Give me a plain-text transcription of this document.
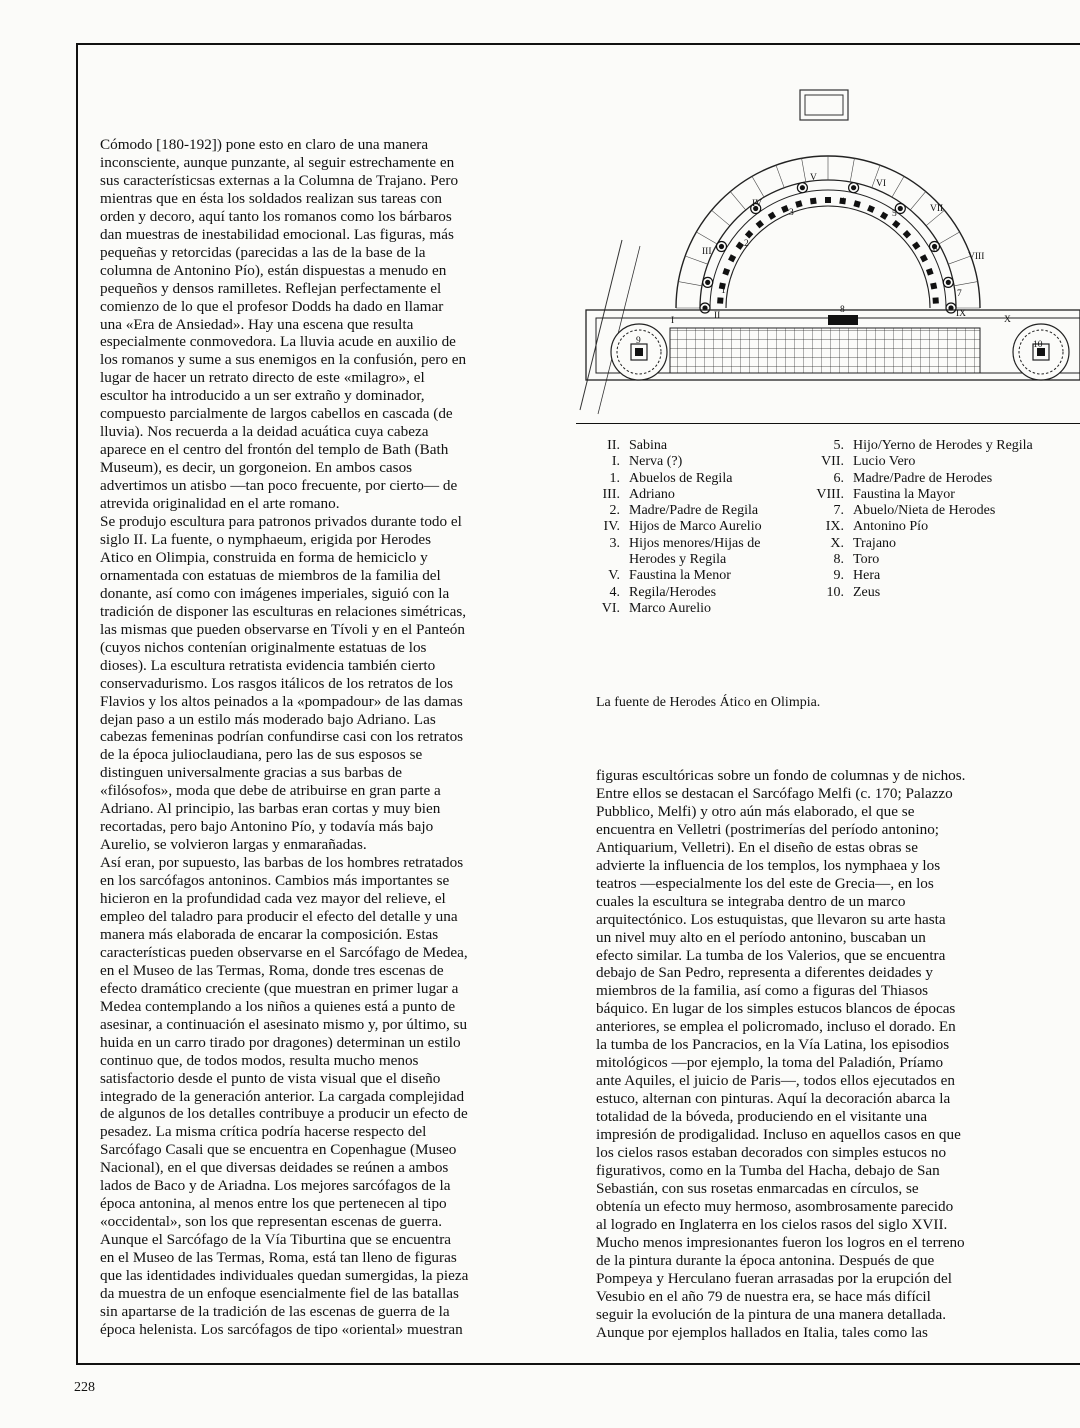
Cómodo [180-192]) pone esto en claro de una manera
inconsciente, aunque punzante, al seguir estrechamente en
sus característicsas externas a la Columna de Trajano. Pero
mientras que en ésta los soldados realizan sus tareas con
orden y decoro, aquí tanto los romanos como los bárbaros
dan muestras de inestabilidad emocional. Las figuras, más
pequeñas y retorcidas (parecidas a las de la base de la
columna de Antonino Pío), están dispuestas a menudo en
pequeños y densos ramilletes. Reflejan perfectamente el
comienzo de lo que el profesor Dodds ha dado en llamar
una «Era de Ansiedad». Hay una escena que resulta
especialmente conmovedora. La lluvia acude en auxilio de
los romanos y sume a sus enemigos en la confusión, pero en
lugar de hacer un retrato directo de este «milagro», el
escultor ha introducido a un ser extraño y dominador,
compuesto parcialmente de largos cabellos en cascada (de
lluvia). Nos recuerda a la deidad acuática cuya cabeza
aparece en el centro del frontón del templo de Bath (Bath
Museum), es decir, un gorgoneion. En ambos casos
advertimos un atisbo —tan poco frecuente, por cierto— de
atrevida originalidad en el arte romano.
Se produjo escultura para patronos privados durante todo el
siglo II. La fuente, o nymphaeum, erigida por Herodes
Atico en Olimpia, construida en forma de hemiciclo y
ornamentada con estatuas de miembros de la familia del
donante, así como con imágenes imperiales, siguió con la
tradición de disponer las esculturas en relaciones simétricas,
las mismas que pueden observarse en Tívoli y en el Panteón
(cuyos nichos contenían originalmente estatuas de los
dioses). La escultura retratista evidencia también cierto
conservadurismo. Los rasgos itálicos de los retratos de los
Flavios y los altos peinados a la «pompadour» de las damas
dejan paso a un estilo más moderado bajo Adriano. Las
cabezas femeninas podrían confundirse casi con los retratos
de la época julioclaudiana, pero las de sus esposos se
distinguen universalmente gracias a sus barbas de
«filósofos», moda que debe de atribuirse en gran parte a
Adriano. Al principio, las barbas eran cortas y muy bien
recortadas, pero bajo Antonino Pío, y todavía más bajo
Aurelio, se volvieron largas y enmarañadas.
Así eran, por supuesto, las barbas de los hombres retratados
en los sarcófagos antoninos. Cambios más importantes se
hicieron en la profundidad cada vez mayor del relieve, el
empleo del taladro para producir el efecto del detalle y una
manera más elaborada de encarar la composición. Estas
características pueden observarse en el Sarcófago de Medea,
en el Museo de las Termas, Roma, donde tres escenas de
efecto dramático creciente (que muestran en primer lugar a
Medea contemplando a los niños a quienes está a punto de
asesinar, a continuación el asesinato mismo y, por último, su
huida en un carro tirado por dragones) determinan un estilo
continuo que, de todos modos, resulta mucho menos
satisfactorio desde el punto de vista visual que el diseño
integrado de la generación anterior. La cargada complejidad
de algunos de los detalles contribuye a producir un efecto de
pesadez. La misma crítica podría hacerse respecto del
Sarcófago Casali que se encuentra en Copenhague (Museo
Nacional), en el que diversas deidades se reúnen a ambos
lados de Baco y de Ariadna. Los mejores sarcófagos de la
época antonina, al menos entre los que pertenecen al tipo
«occidental», son los que representan escenas de guerra.
Aunque el Sarcófago de la Vía Tiburtina que se encuentra
en el Museo de las Termas, Roma, está tan lleno de figuras
que las identidades individuales quedan sumergidas, la pieza
da muestra de un enfoque esencialmente fiel de las batallas
sin apartarse de la tradición de las escenas de guerra de la
época helenista. Los sarcófagos de tipo «oriental» muestran
I	II
III
IV
V
VI
VII
VIII
IX
X
1
2
3
4
5
6
7
8
9	10
II. Sabina
I. Nerva (?)
1. Abuelos de Regila
III. Adriano
2. Madre/Padre de Regila
IV. Hijos de Marco Aurelio
3. Hijos menores/Hijas de
Herodes y Regila
V. Faustina la Menor
4. Regila/Herodes
VI. Marco Aurelio
5. Hijo/Yerno de Herodes y Regila
VII. Lucio Vero
6. Madre/Padre de Herodes
VIII. Faustina la Mayor
7. Abuelo/Nieta de Herodes
IX. Antonino Pío
X. Trajano
8. Toro
9. Hera
10. Zeus
La fuente de Herodes Ático en Olimpia.
figuras escultóricas sobre un fondo de columnas y de nichos.
Entre ellos se destacan el Sarcófago Melfi (c. 170; Palazzo
Pubblico, Melfi) y otro aún más elaborado, el que se
encuentra en Velletri (postrimerías del período antonino;
Antiquarium, Velletri). En el diseño de estas obras se
advierte la influencia de los templos, los nymphaea y los
teatros —especialmente los del este de Grecia—, en los
cuales la escultura se integraba dentro de un marco
arquitectónico. Los estuquistas, que llevaron su arte hasta
un nivel muy alto en el período antonino, buscaban un
efecto similar. La tumba de los Valerios, que se encuentra
debajo de San Pedro, representa a diferentes deidades y
miembros de la familia, así como a figuras del Thiasos
báquico. En lugar de los simples estucos blancos de épocas
anteriores, se emplea el policromado, incluso el dorado. En
la tumba de los Pancracios, en la Vía Latina, los episodios
mitológicos —por ejemplo, la toma del Paladión, Príamo
ante Aquiles, el juicio de Paris—, todos ellos ejecutados en
estuco, alternan con pinturas. Aquí la decoración abarca la
totalidad de la bóveda, produciendo en el visitante una
impresión de prodigalidad. Incluso en aquellos casos en que
los cielos rasos estaban decorados con simples estucos no
figurativos, como en la Tumba del Hacha, debajo de San
Sebastián, con sus rosetas enmarcadas en círculos, se
obtenía un efecto muy hermoso, asombrosamente parecido
al logrado en Inglaterra en los cielos rasos del siglo XVII.
Mucho menos impresionantes fueron los logros en el terreno
de la pintura durante la época antonina. Después de que
Pompeya y Herculano fueran arrasadas por la erupción del
Vesubio en el año 79 de nuestra era, se hace más difícil
seguir la evolución de la pintura de una manera detallada.
Aunque por ejemplos hallados en Italia, tales como las
228
